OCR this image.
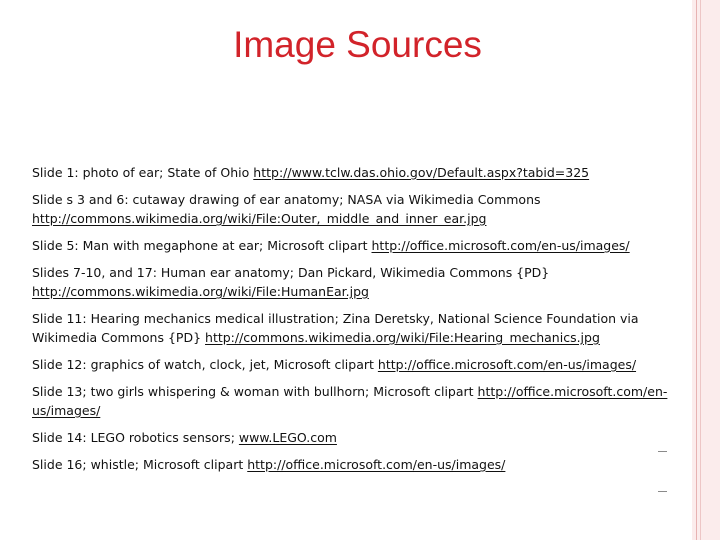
Image Sources
Slide 1: photo of ear; State of Ohio http://www.tclw.das.ohio.gov/Default.aspx?tabid=325
Slide s 3 and 6: cutaway drawing of ear anatomy; NASA via Wikimedia Commons http://commons.wikimedia.org/wiki/File:Outer,_middle_and_inner_ear.jpg
Slide 5: Man with megaphone at ear; Microsoft clipart http://office.microsoft.com/en-us/images/
Slides 7-10, and 17: Human ear anatomy; Dan Pickard, Wikimedia Commons {PD} http://commons.wikimedia.org/wiki/File:HumanEar.jpg
Slide 11: Hearing mechanics medical illustration; Zina Deretsky, National Science Foundation via Wikimedia Commons {PD} http://commons.wikimedia.org/wiki/File:Hearing_mechanics.jpg
Slide 12: graphics of watch, clock, jet, Microsoft clipart http://office.microsoft.com/en-us/images/
Slide 13; two girls whispering & woman with bullhorn; Microsoft clipart http://office.microsoft.com/en-us/images/
Slide 14: LEGO robotics sensors; www.LEGO.com
Slide 16; whistle; Microsoft clipart http://office.microsoft.com/en-us/images/
